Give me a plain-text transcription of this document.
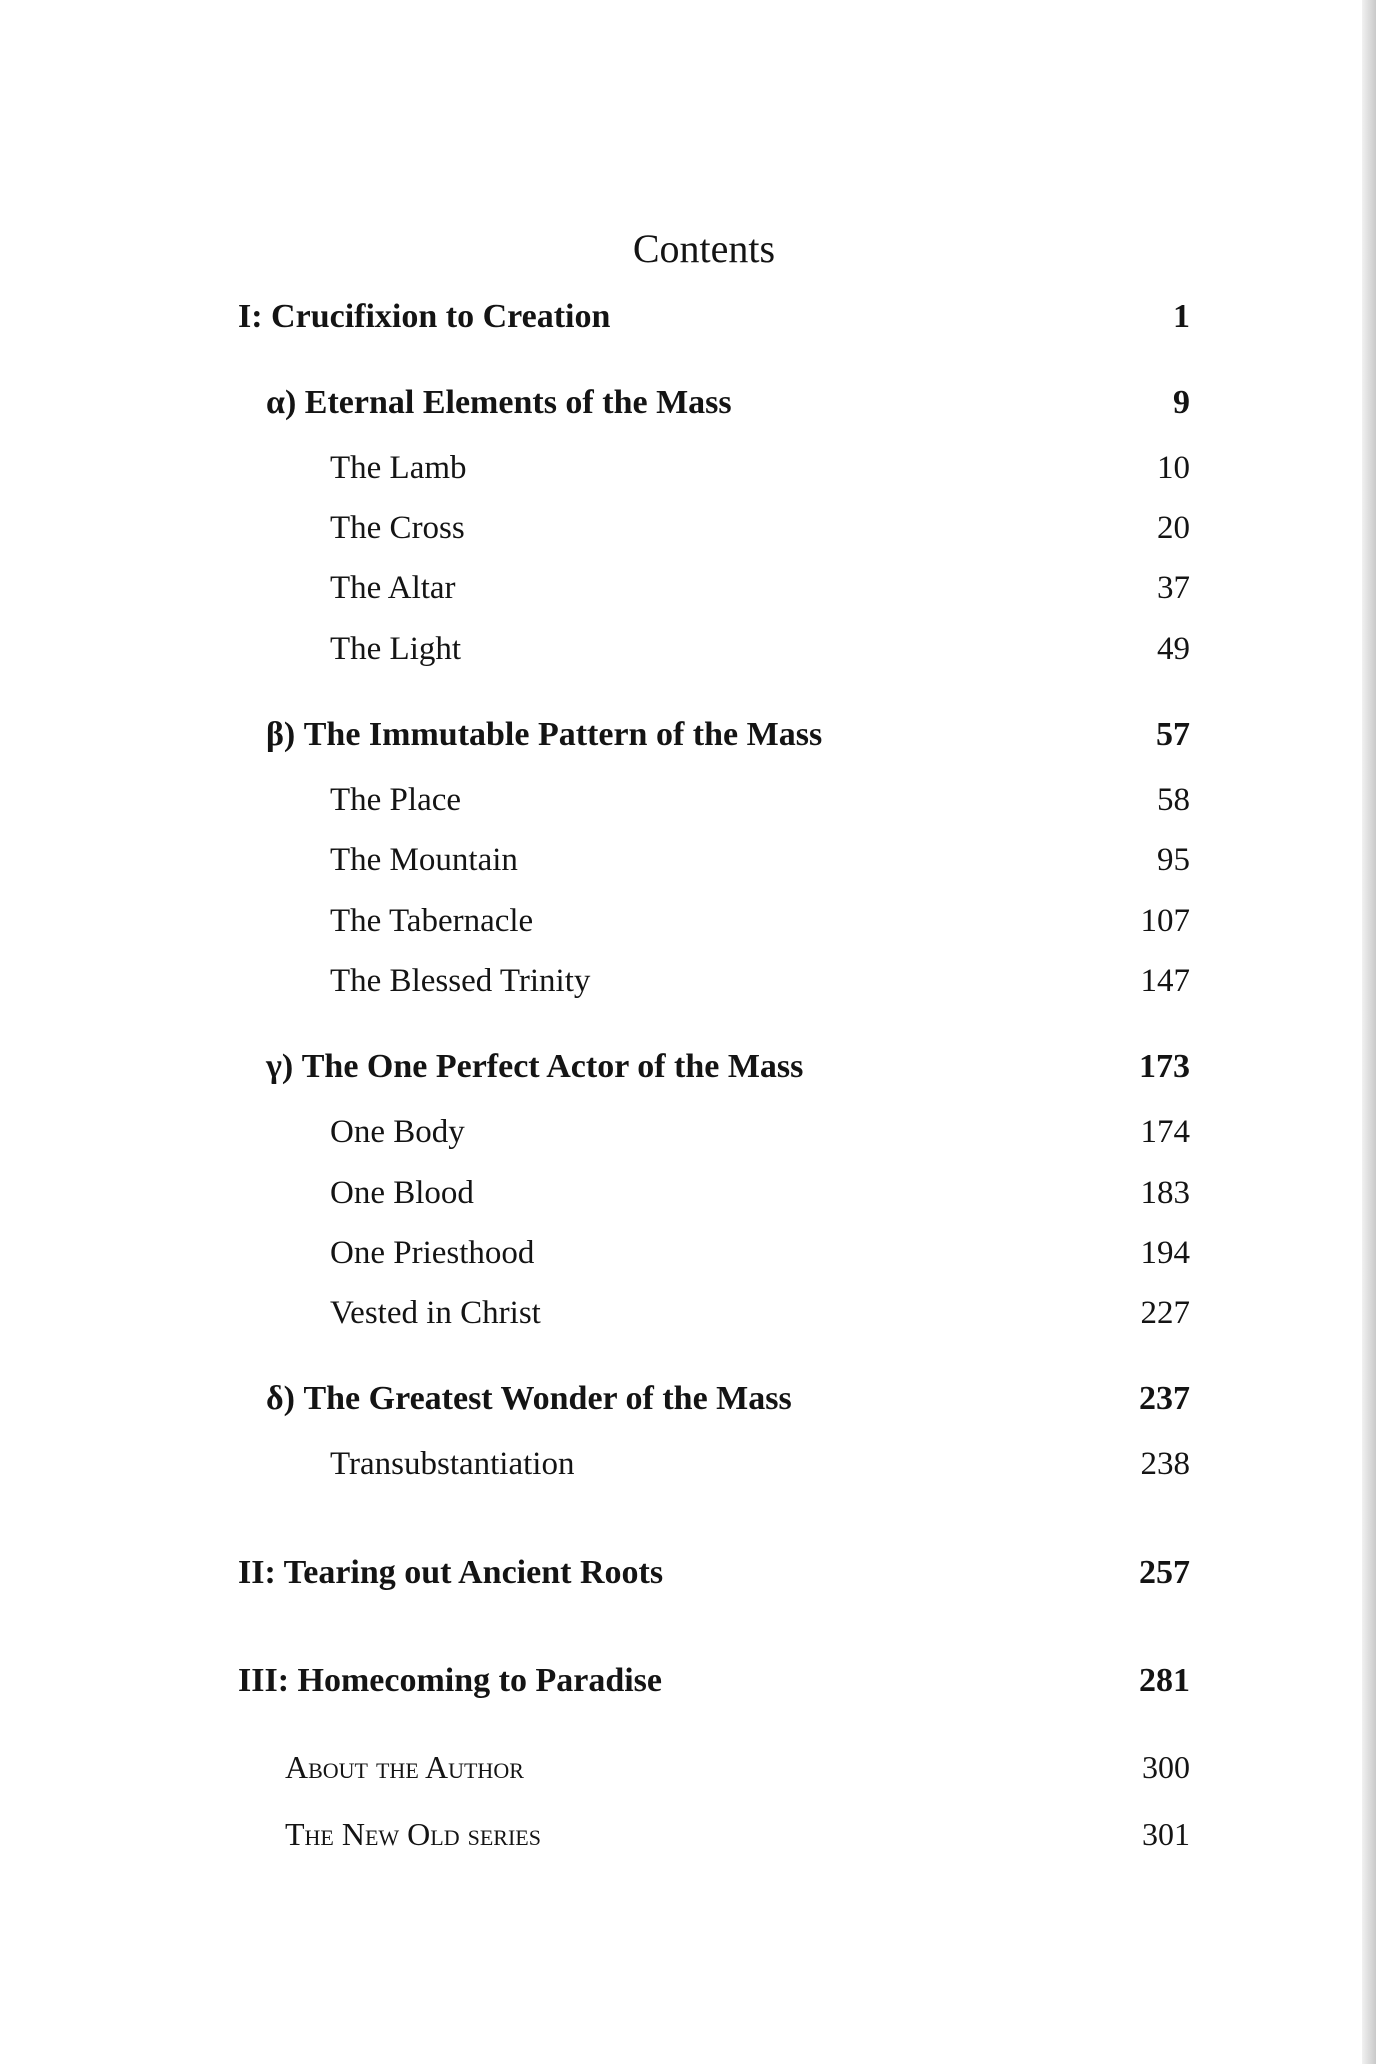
Contents
I: Crucifixion to Creation	1
α) Eternal Elements of the Mass	9
The Lamb	10
The Cross	20
The Altar	37
The Light	49
β) The Immutable Pattern of the Mass	57
The Place	58
The Mountain	95
The Tabernacle	107
The Blessed Trinity	147
γ) The One Perfect Actor of the Mass	173
One Body	174
One Blood	183
One Priesthood	194
Vested in Christ	227
δ) The Greatest Wonder of the Mass	237
Transubstantiation	238
II: Tearing out Ancient Roots	257
III: Homecoming to Paradise	281
About the Author	300
The New Old series	301
